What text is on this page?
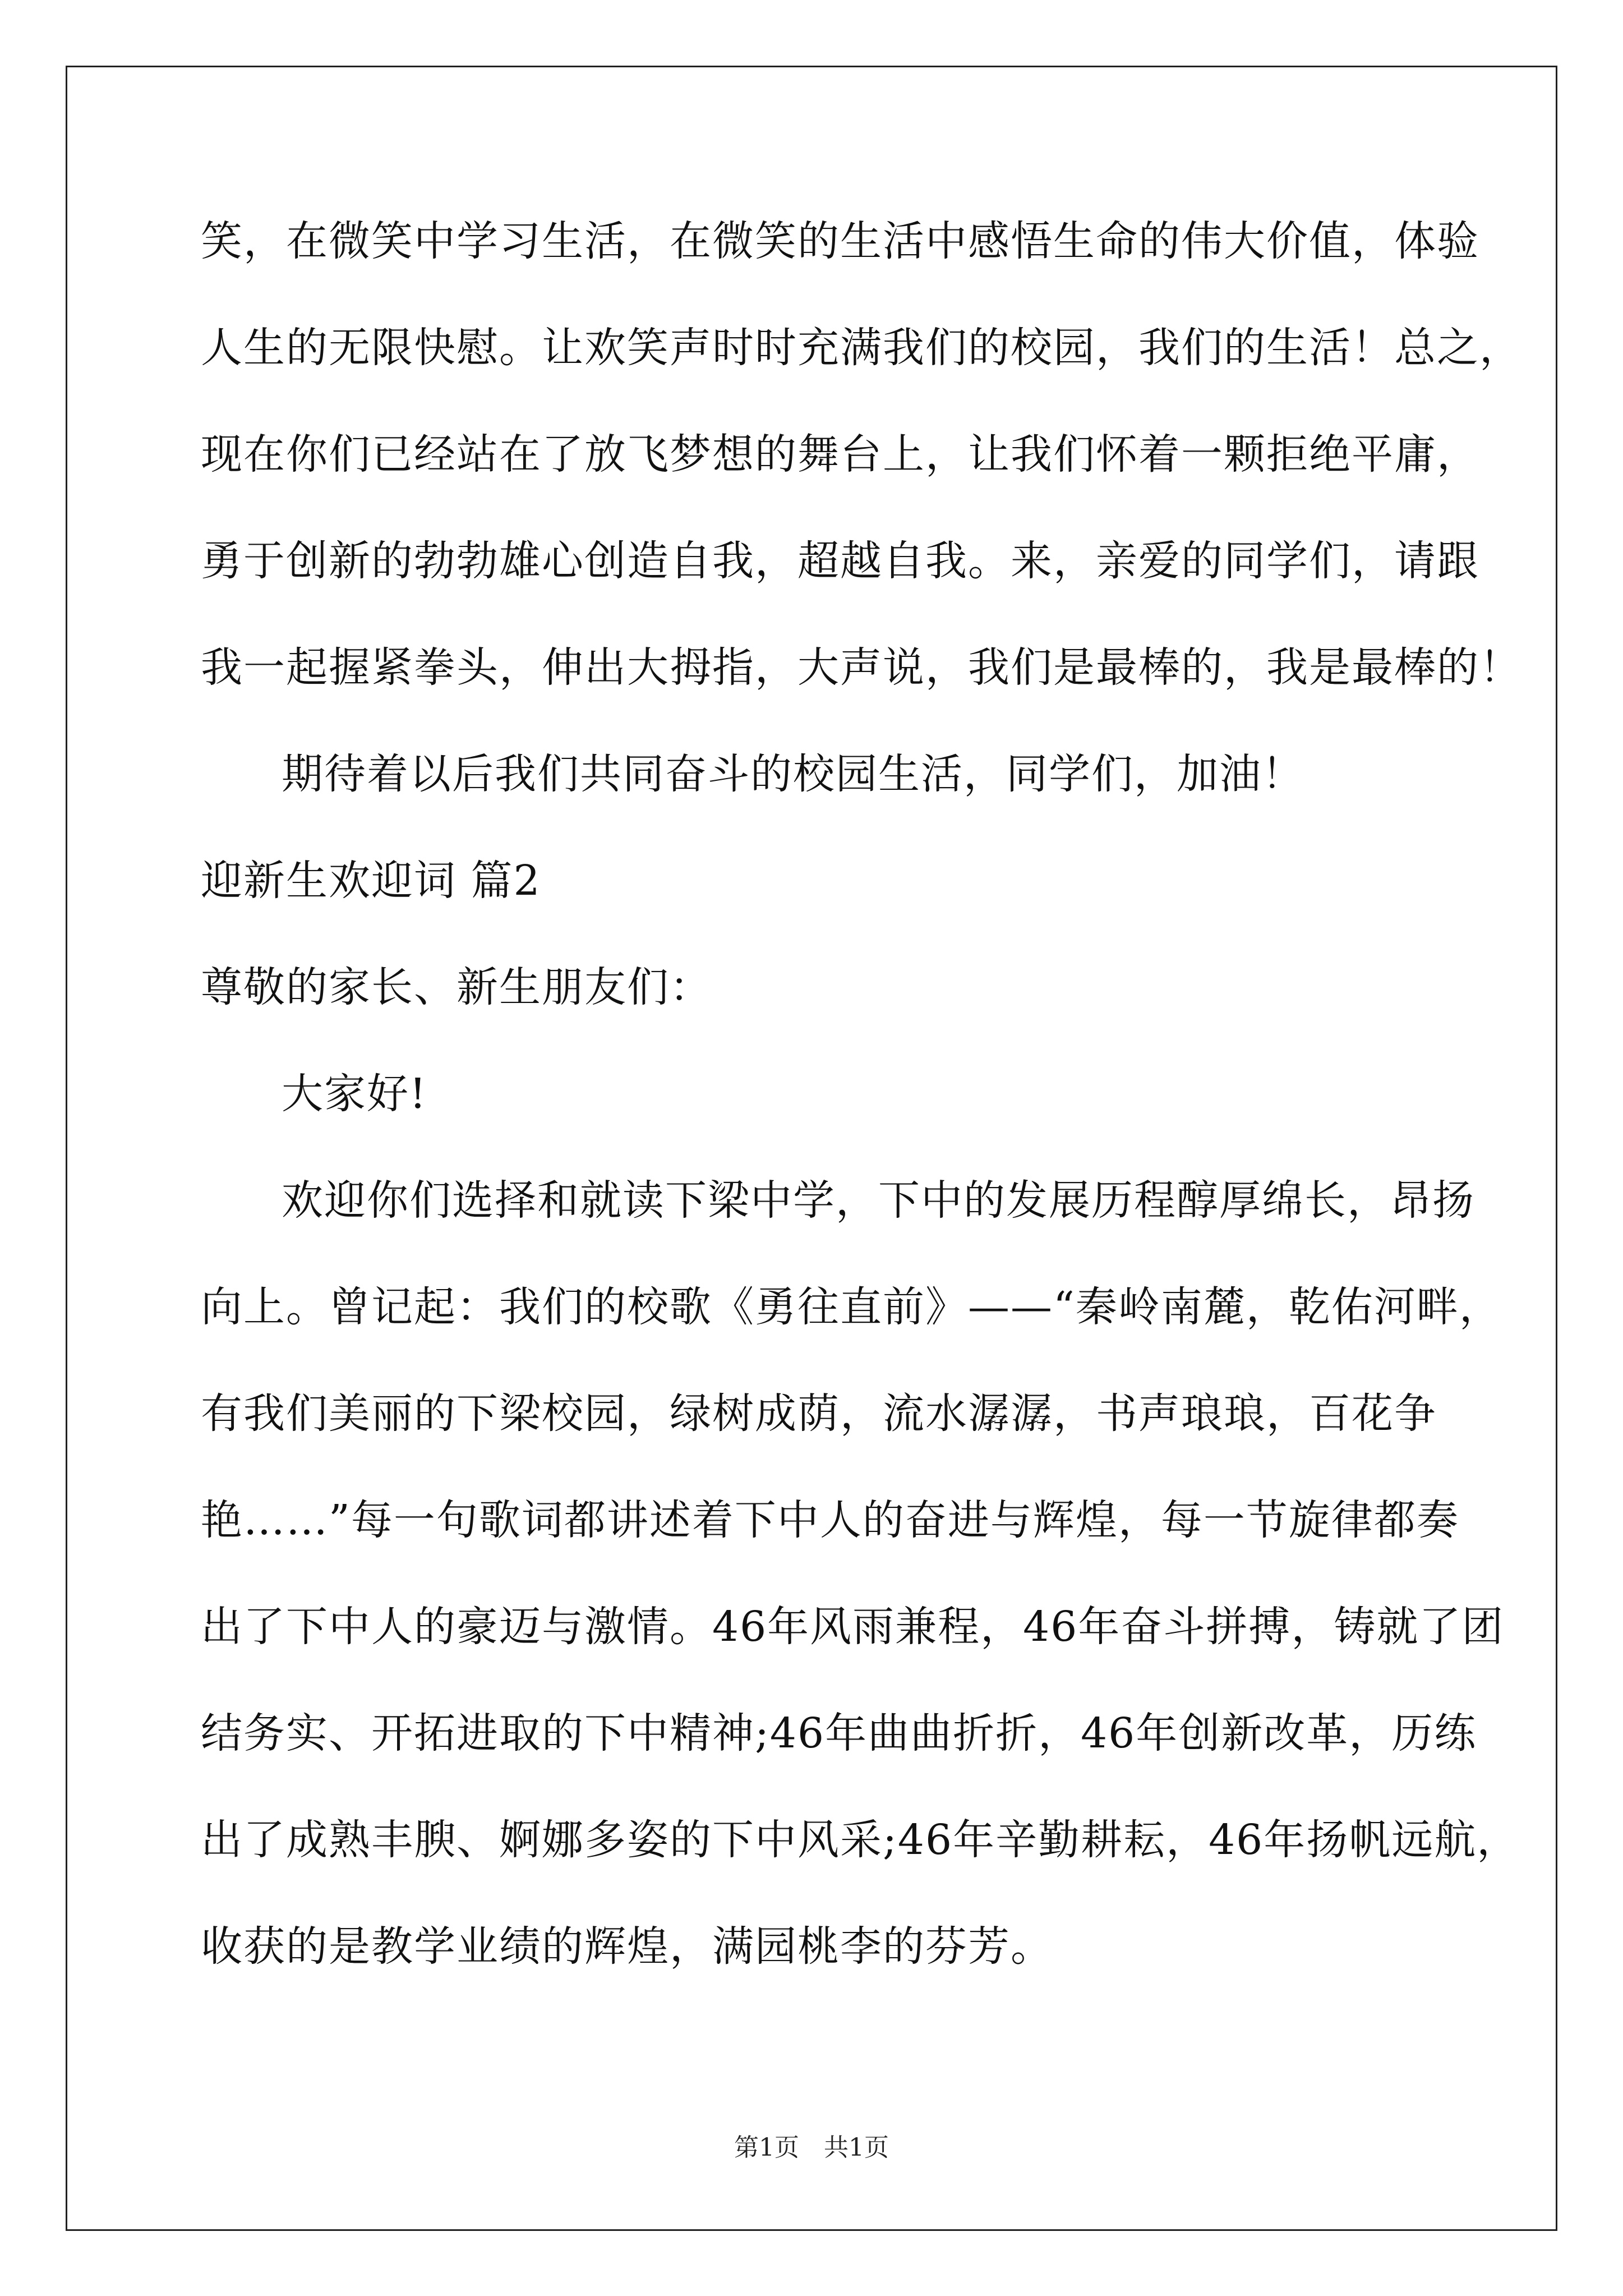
笑，在微笑中学习生活，在微笑的生活中感悟生命的伟大价值，体验
人生的无限快慰。让欢笑声时时充满我们的校园，我们的生活！总之，
现在你们已经站在了放飞梦想的舞台上，让我们怀着一颗拒绝平庸，
勇于创新的勃勃雄心创造自我，超越自我。来，亲爱的同学们，请跟
我一起握紧拳头，伸出大拇指，大声说，我们是最棒的，我是最棒的！
期待着以后我们共同奋斗的校园生活，同学们，加油！
迎新生欢迎词 篇2
尊敬的家长、新生朋友们：
大家好!
欢迎你们选择和就读下梁中学，下中的发展历程醇厚绵长，昂扬
向上。曾记起：我们的校歌《勇往直前》——“秦岭南麓，乾佑河畔，
有我们美丽的下梁校园，绿树成荫，流水潺潺，书声琅琅，百花争
艳……”每一句歌词都讲述着下中人的奋进与辉煌，每一节旋律都奏
出了下中人的豪迈与激情。46年风雨兼程，46年奋斗拼搏，铸就了团
结务实、开拓进取的下中精神;46年曲曲折折，46年创新改革，历练
出了成熟丰腴、婀娜多姿的下中风采;46年辛勤耕耘，46年扬帆远航，
收获的是教学业绩的辉煌，满园桃李的芬芳。
第1页　共1页
